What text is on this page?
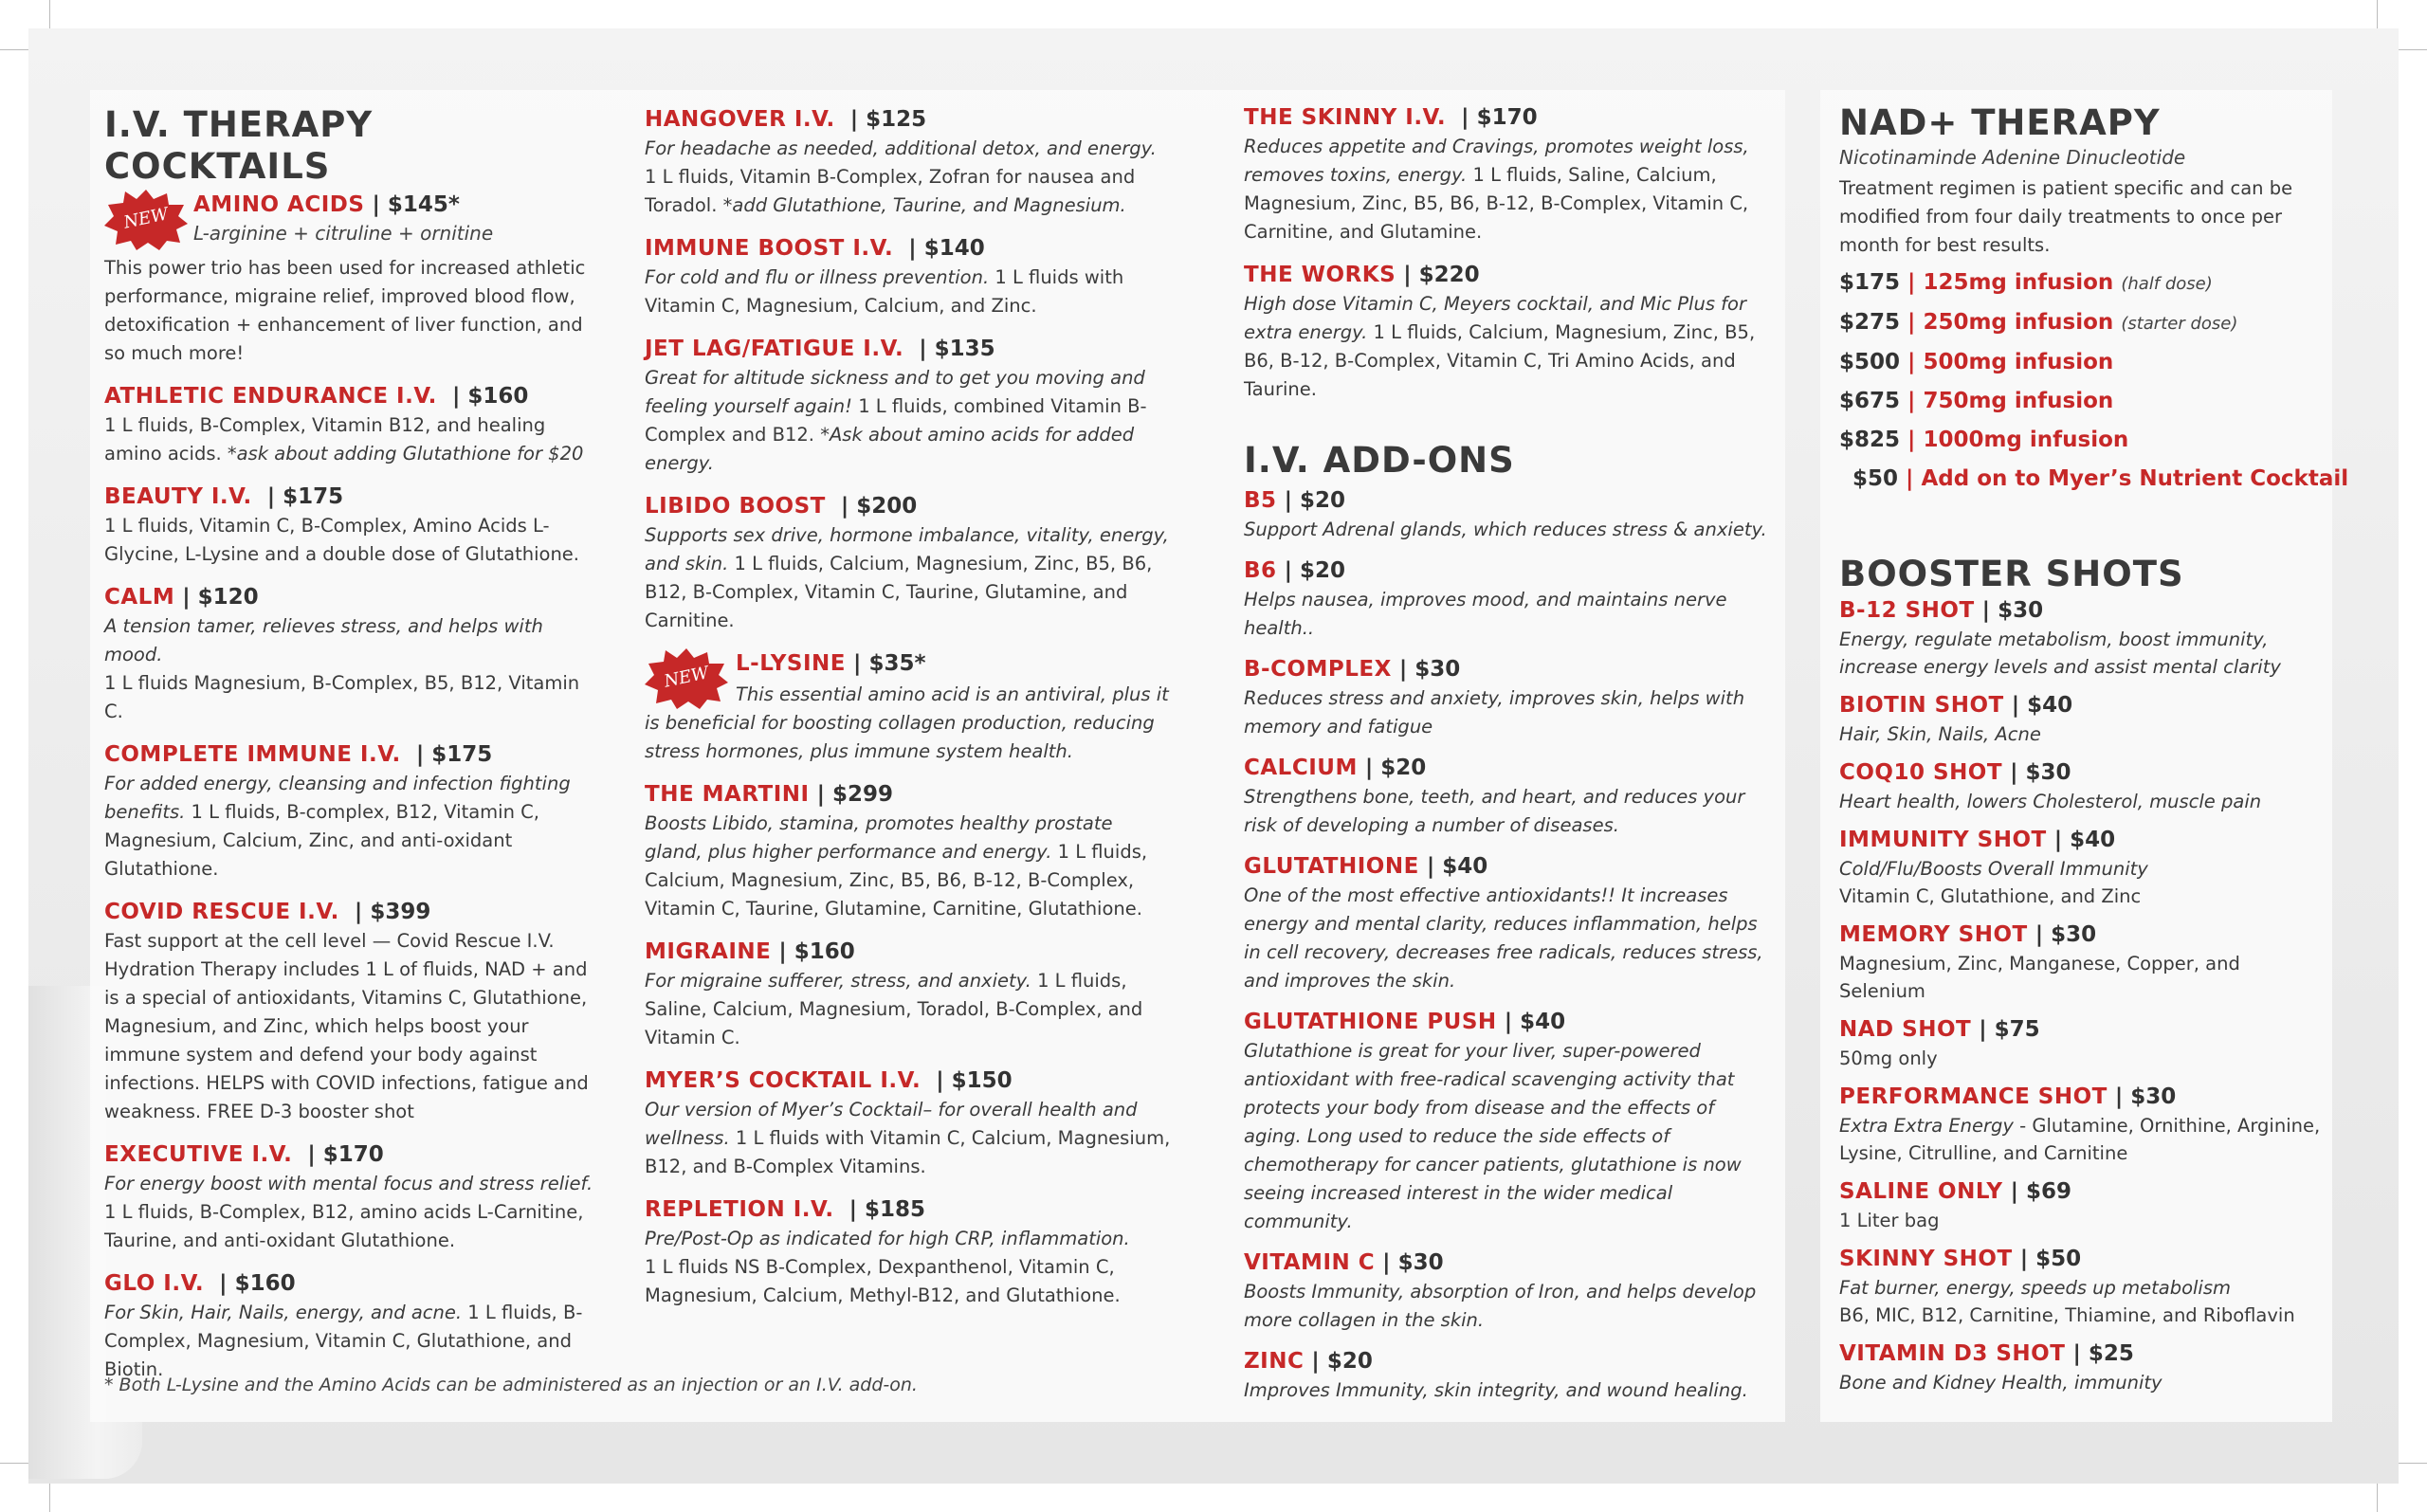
I.V. THERAPY COCKTAILS
NEW	AMINO ACIDS | $145*
L-arginine + citruline + ornitine
This power trio has been used for increased athletic performance, migraine relief, improved blood flow, detoxification + enhancement of liver function, and so much more!
ATHLETIC ENDURANCE I.V. | $160
1 L fluids, B-Complex, Vitamin B12, and healing amino acids. *ask about adding Glutathione for $20
BEAUTY I.V. | $175
1 L fluids, Vitamin C, B-Complex, Amino Acids L-Glycine, L-Lysine and a double dose of Glutathione.
CALM | $120
A tension tamer, relieves stress, and helps with mood.
1 L fluids Magnesium, B-Complex, B5, B12, Vitamin C.
COMPLETE IMMUNE I.V. | $175
For added energy, cleansing and infection fighting benefits. 1 L fluids, B-complex, B12, Vitamin C, Magnesium, Calcium, Zinc, and anti-oxidant Glutathione.
COVID RESCUE I.V. | $399
Fast support at the cell level — Covid Rescue I.V. Hydration Therapy includes 1 L of fluids, NAD + and is a special of antioxidants, Vitamins C, Glutathione, Magnesium, and Zinc, which helps boost your immune system and defend your body against infections. HELPS with COVID infections, fatigue and weakness. FREE D-3 booster shot
EXECUTIVE I.V. | $170
For energy boost with mental focus and stress relief.
1 L fluids, B-Complex, B12, amino acids L-Carnitine, Taurine, and anti-oxidant Glutathione.
GLO I.V. | $160
For Skin, Hair, Nails, energy, and acne. 1 L fluids, B-Complex, Magnesium, Vitamin C, Glutathione, and Biotin.
* Both L-Lysine and the Amino Acids can be administered as an injection or an I.V. add-on.
HANGOVER I.V. | $125
For headache as needed, additional detox, and energy.
1 L fluids, Vitamin B-Complex, Zofran for nausea and Toradol. *add Glutathione, Taurine, and Magnesium.
IMMUNE BOOST I.V. | $140
For cold and flu or illness prevention. 1 L fluids with Vitamin C, Magnesium, Calcium, and Zinc.
JET LAG/FATIGUE I.V. | $135
Great for altitude sickness and to get you moving and feeling yourself again! 1 L fluids, combined Vitamin B-Complex and B12. *Ask about amino acids for added energy.
LIBIDO BOOST | $200
Supports sex drive, hormone imbalance, vitality, energy, and skin. 1 L fluids, Calcium, Magnesium, Zinc, B5, B6, B12, B-Complex, Vitamin C, Taurine, Glutamine, and Carnitine.
NEW	L-LYSINE | $35*
This essential amino acid is an antiviral, plus it is beneficial for boosting collagen production, reducing stress hormones, plus immune system health.
THE MARTINI | $299
Boosts Libido, stamina, promotes healthy prostate gland, plus higher performance and energy. 1 L fluids, Calcium, Magnesium, Zinc, B5, B6, B-12, B-Complex, Vitamin C, Taurine, Glutamine, Carnitine, Glutathione.
MIGRAINE | $160
For migraine sufferer, stress, and anxiety. 1 L fluids, Saline, Calcium, Magnesium, Toradol, B-Complex, and Vitamin C.
MYER’S COCKTAIL I.V. | $150
Our version of Myer’s Cocktail– for overall health and wellness. 1 L fluids with Vitamin C, Calcium, Magnesium, B12, and B-Complex Vitamins.
REPLETION I.V. | $185
Pre/Post-Op as indicated for high CRP, inflammation.
1 L fluids NS B-Complex, Dexpanthenol, Vitamin C, Magnesium, Calcium, Methyl-B12, and Glutathione.
THE SKINNY I.V. | $170
Reduces appetite and Cravings, promotes weight loss, removes toxins, energy. 1 L fluids, Saline, Calcium, Magnesium, Zinc, B5, B6, B-12, B-Complex, Vitamin C, Carnitine, and Glutamine.
THE WORKS | $220
High dose Vitamin C, Meyers cocktail, and Mic Plus for extra energy. 1 L fluids, Calcium, Magnesium, Zinc, B5, B6, B-12, B-Complex, Vitamin C, Tri Amino Acids, and Taurine.
I.V. ADD-ONS
B5 | $20
Support Adrenal glands, which reduces stress & anxiety.
B6 | $20
Helps nausea, improves mood, and maintains nerve health..
B-COMPLEX | $30
Reduces stress and anxiety, improves skin, helps with memory and fatigue
CALCIUM | $20
Strengthens bone, teeth, and heart, and reduces your risk of developing a number of diseases.
GLUTATHIONE | $40
One of the most effective antioxidants!! It increases energy and mental clarity, reduces inflammation, helps in cell recovery, decreases free radicals, reduces stress, and improves the skin.
GLUTATHIONE PUSH | $40
Glutathione is great for your liver, super-powered antioxidant with free-radical scavenging activity that protects your body from disease and the effects of aging. Long used to reduce the side effects of chemotherapy for cancer patients, glutathione is now seeing increased interest in the wider medical community.
VITAMIN C | $30
Boosts Immunity, absorption of Iron, and helps develop more collagen in the skin.
ZINC | $20
Improves Immunity, skin integrity, and wound healing.
NAD+ THERAPY
Nicotinaminde Adenine Dinucleotide
Treatment regimen is patient specific and can be modified from four daily treatments to once per month for best results.
$175 | 125mg infusion (half dose)
$275 | 250mg infusion (starter dose)
$500 | 500mg infusion
$675 | 750mg infusion
$825 | 1000mg infusion
$50 | Add on to Myer’s Nutrient Cocktail
BOOSTER SHOTS
B-12 SHOT | $30
Energy, regulate metabolism, boost immunity, increase energy levels and assist mental clarity
BIOTIN SHOT | $40
Hair, Skin, Nails, Acne
COQ10 SHOT | $30
Heart health, lowers Cholesterol, muscle pain
IMMUNITY SHOT | $40
Cold/Flu/Boosts Overall Immunity
Vitamin C, Glutathione, and Zinc
MEMORY SHOT | $30
Magnesium, Zinc, Manganese, Copper, and Selenium
NAD SHOT | $75
50mg only
PERFORMANCE SHOT | $30
Extra Extra Energy - Glutamine, Ornithine, Arginine, Lysine, Citrulline, and Carnitine
SALINE ONLY | $69
1 Liter bag
SKINNY SHOT | $50
Fat burner, energy, speeds up metabolism
B6, MIC, B12, Carnitine, Thiamine, and Riboflavin
VITAMIN D3 SHOT | $25
Bone and Kidney Health, immunity
